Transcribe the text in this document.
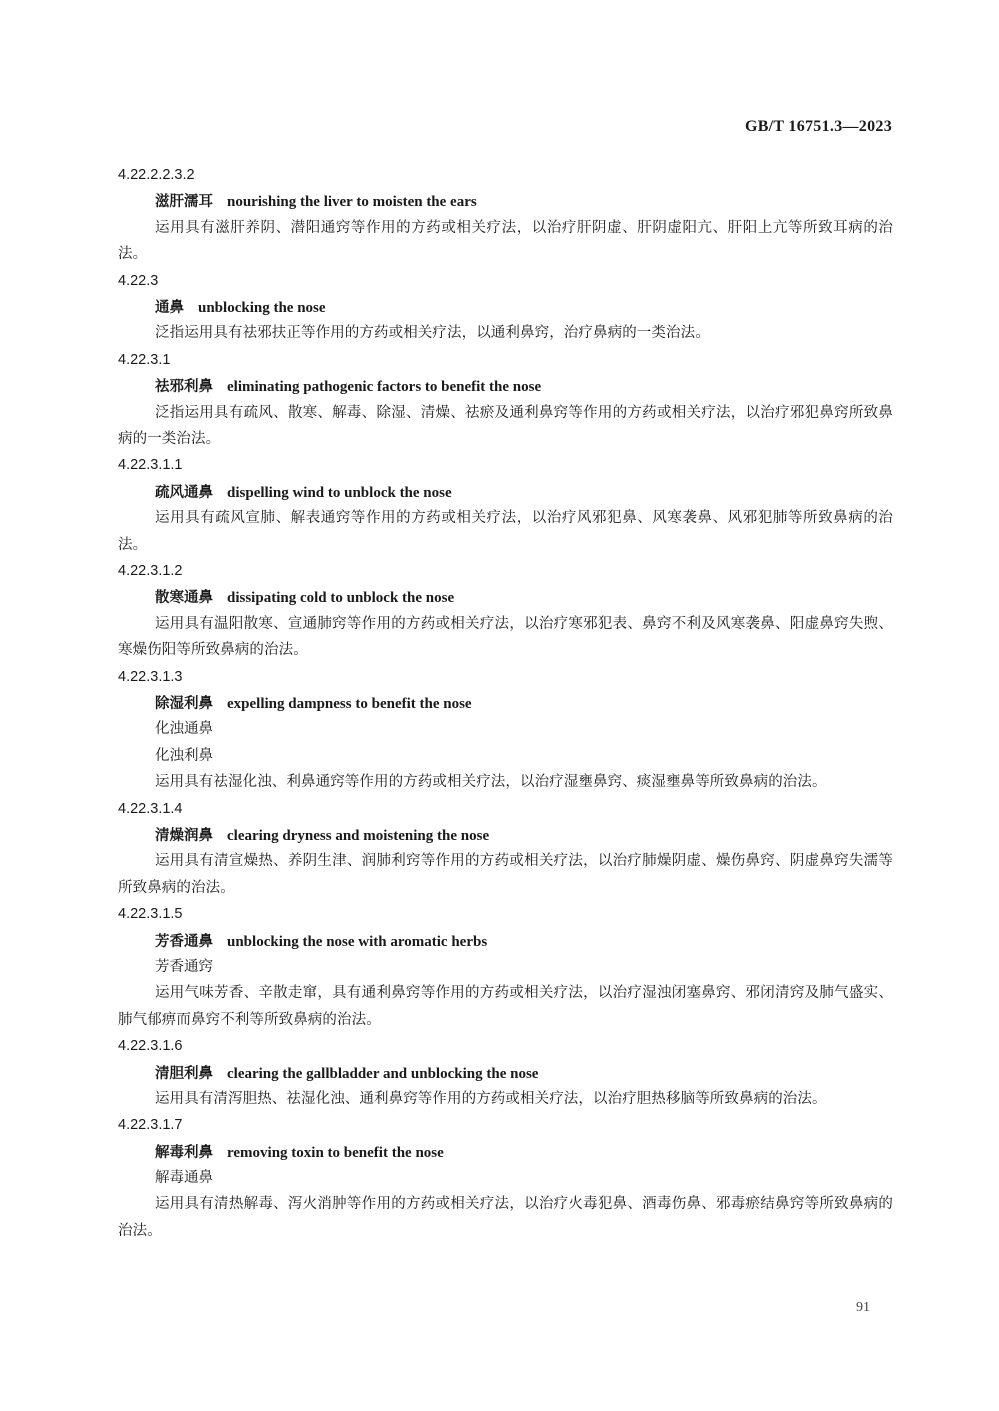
GB/T 16751.3—2023
4.22.2.2.3.2
滋肝濡耳 nourishing the liver to moisten the ears
运用具有滋肝养阴、潜阳通窍等作用的方药或相关疗法，以治疗肝阴虚、肝阴虚阳亢、肝阳上亢等所致耳病的治法。
4.22.3
通鼻 unblocking the nose
泛指运用具有祛邪扶正等作用的方药或相关疗法，以通利鼻窍，治疗鼻病的一类治法。
4.22.3.1
祛邪利鼻 eliminating pathogenic factors to benefit the nose
泛指运用具有疏风、散寒、解毒、除湿、清燥、祛瘀及通利鼻窍等作用的方药或相关疗法，以治疗邪犯鼻窍所致鼻病的一类治法。
4.22.3.1.1
疏风通鼻 dispelling wind to unblock the nose
运用具有疏风宣肺、解表通窍等作用的方药或相关疗法，以治疗风邪犯鼻、风寒袭鼻、风邪犯肺等所致鼻病的治法。
4.22.3.1.2
散寒通鼻 dissipating cold to unblock the nose
运用具有温阳散寒、宣通肺窍等作用的方药或相关疗法，以治疗寒邪犯表、鼻窍不利及风寒袭鼻、阳虚鼻窍失煦、寒燥伤阳等所致鼻病的治法。
4.22.3.1.3
除湿利鼻 expelling dampness to benefit the nose
化浊通鼻
化浊利鼻
运用具有祛湿化浊、利鼻通窍等作用的方药或相关疗法，以治疗湿壅鼻窍、痰湿壅鼻等所致鼻病的治法。
4.22.3.1.4
清燥润鼻 clearing dryness and moistening the nose
运用具有清宣燥热、养阴生津、润肺利窍等作用的方药或相关疗法，以治疗肺燥阴虚、燥伤鼻窍、阴虚鼻窍失濡等所致鼻病的治法。
4.22.3.1.5
芳香通鼻 unblocking the nose with aromatic herbs
芳香通窍
运用气味芳香、辛散走窜，具有通利鼻窍等作用的方药或相关疗法，以治疗湿浊闭塞鼻窍、邪闭清窍及肺气盛实、肺气郁痹而鼻窍不利等所致鼻病的治法。
4.22.3.1.6
清胆利鼻 clearing the gallbladder and unblocking the nose
运用具有清泻胆热、祛湿化浊、通利鼻窍等作用的方药或相关疗法，以治疗胆热移脑等所致鼻病的治法。
4.22.3.1.7
解毒利鼻 removing toxin to benefit the nose
解毒通鼻
运用具有清热解毒、泻火消肿等作用的方药或相关疗法，以治疗火毒犯鼻、酒毒伤鼻、邪毒瘀结鼻窍等所致鼻病的治法。
91
